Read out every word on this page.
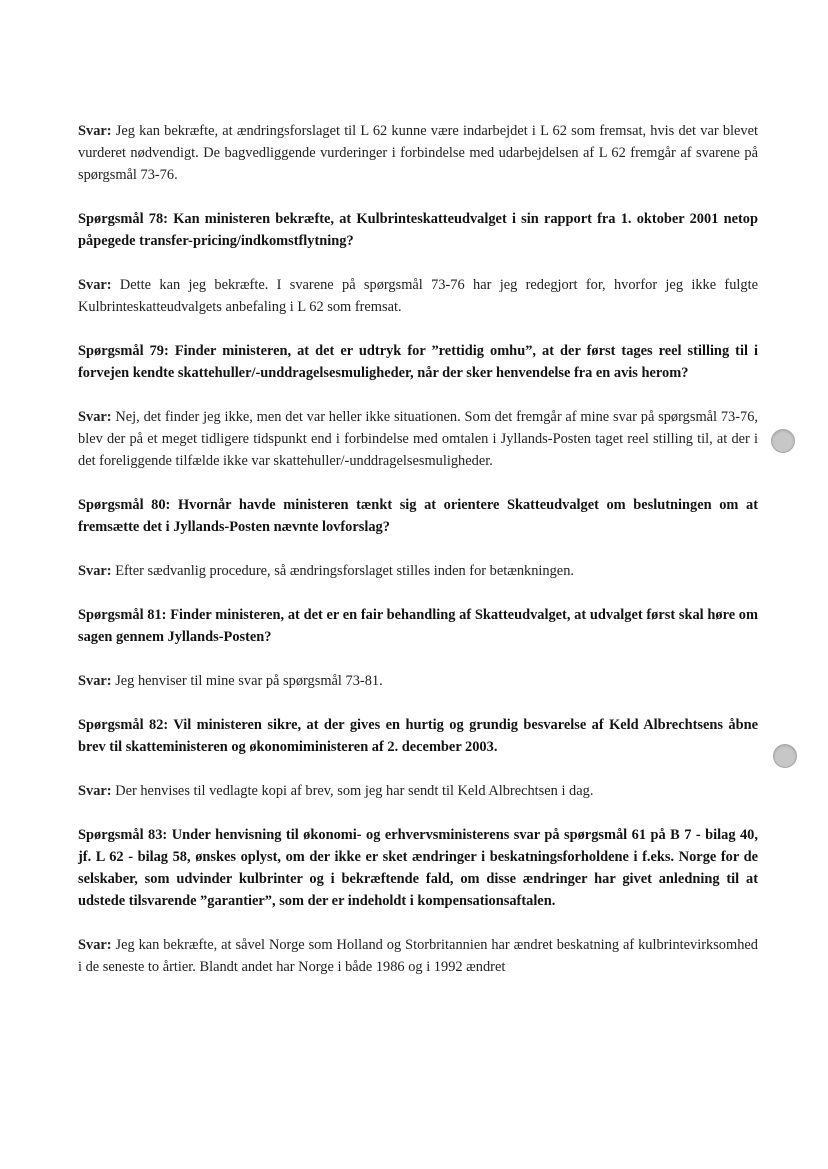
Svar: Jeg kan bekræfte, at ændringsforslaget til L 62 kunne være indarbejdet i L 62 som fremsat, hvis det var blevet vurderet nødvendigt. De bagvedliggende vurderinger i forbindelse med udarbejdelsen af L 62 fremgår af svarene på spørgsmål 73-76.

Spørgsmål 78: Kan ministeren bekræfte, at Kulbrinteskatteudvalget i sin rapport fra 1. oktober 2001 netop påpegede transfer-pricing/indkomstflytning?

Svar: Dette kan jeg bekræfte. I svarene på spørgsmål 73-76 har jeg redegjort for, hvorfor jeg ikke fulgte Kulbrinteskatteudvalgets anbefaling i L 62 som fremsat.

Spørgsmål 79: Finder ministeren, at det er udtryk for ”rettidig omhu”, at der først tages reel stilling til i forvejen kendte skattehuller/-unddragelsesmuligheder, når der sker henvendelse fra en avis herom?

Svar: Nej, det finder jeg ikke, men det var heller ikke situationen. Som det fremgår af mine svar på spørgsmål 73-76, blev der på et meget tidligere tidspunkt end i forbindelse med omtalen i Jyllands-Posten taget reel stilling til, at der i det foreliggende tilfælde ikke var skattehuller/-unddragelsesmuligheder.

Spørgsmål 80: Hvornår havde ministeren tænkt sig at orientere Skatteudvalget om beslutningen om at fremsætte det i Jyllands-Posten nævnte lovforslag?

Svar: Efter sædvanlig procedure, så ændringsforslaget stilles inden for betænkningen.

Spørgsmål 81: Finder ministeren, at det er en fair behandling af Skatteudvalget, at udvalget først skal høre om sagen gennem Jyllands-Posten?

Svar: Jeg henviser til mine svar på spørgsmål 73-81.

Spørgsmål 82: Vil ministeren sikre, at der gives en hurtig og grundig besvarelse af Keld Albrechtsens åbne brev til skatteministeren og økonomiministeren af 2. december 2003.

Svar: Der henvises til vedlagte kopi af brev, som jeg har sendt til Keld Albrechtsen i dag.

Spørgsmål 83: Under henvisning til økonomi- og erhvervsministerens svar på spørgsmål 61 på B 7 - bilag 40, jf. L 62 - bilag 58, ønskes oplyst, om der ikke er sket ændringer i beskatningsforholdene i f.eks. Norge for de selskaber, som udvinder kulbrinter og i bekræftende fald, om disse ændringer har givet anledning til at udstede tilsvarende ”garantier”, som der er indeholdt i kompensationsaftalen.

Svar: Jeg kan bekræfte, at såvel Norge som Holland og Storbritannien har ændret beskatning af kulbrintevirksomhed i de seneste to årtier. Blandt andet har Norge i både 1986 og i 1992 ændret
